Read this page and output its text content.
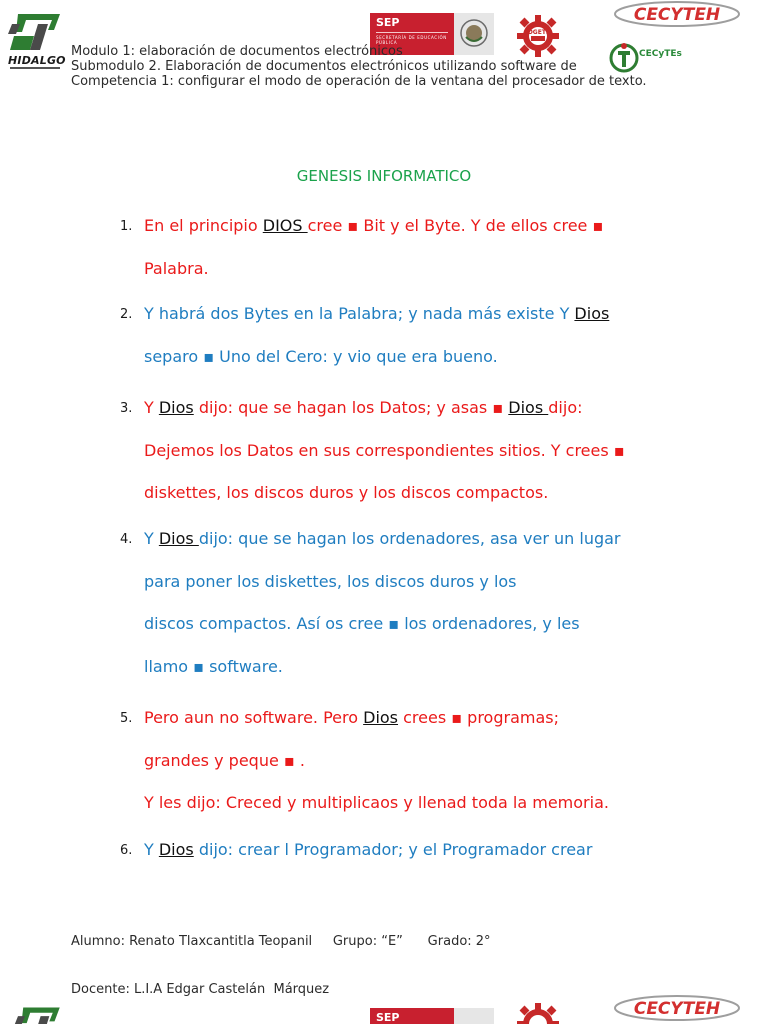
HIDALGO
SEP
SECRETARÍA DE EDUCACIÓN PÚBLICA
DGETI
CECYTEH
CECyTEs
Modulo 1: elaboración de documentos electrónicos
Submodulo 2. Elaboración de documentos electrónicos utilizando software de
Competencia 1: configurar el modo de operación de la ventana del procesador de texto.
GENESIS INFORMATICO
1. En el principio DIOS cree ▪ Bit y el Byte. Y de ellos cree ▪
Palabra.
2. Y habrá dos Bytes en la Palabra; y nada más existe Y Dios
separo ▪ Uno del Cero: y vio que era bueno.
3. Y Dios dijo: que se hagan los Datos; y asas ▪ Dios dijo:
Dejemos los Datos en sus correspondientes sitios. Y crees ▪
diskettes, los discos duros y los discos compactos.
4. Y Dios dijo: que se hagan los ordenadores, asa ver un lugar
para poner los diskettes, los discos duros y los
discos compactos. Así os cree ▪ los ordenadores, y les
llamo ▪ software.
5. Pero aun no software. Pero Dios crees ▪ programas;
grandes y peque ▪ .
Y les dijo: Creced y multiplicaos y llenad toda la memoria.
6. Y Dios dijo: crear l Programador; y el Programador crear

Alumno: Renato Tlaxcantitla Teopanil     Grupo: “E”      Grado: 2°

Docente: L.I.A Edgar Castelán  Márquez

SEP	CECYTEH
